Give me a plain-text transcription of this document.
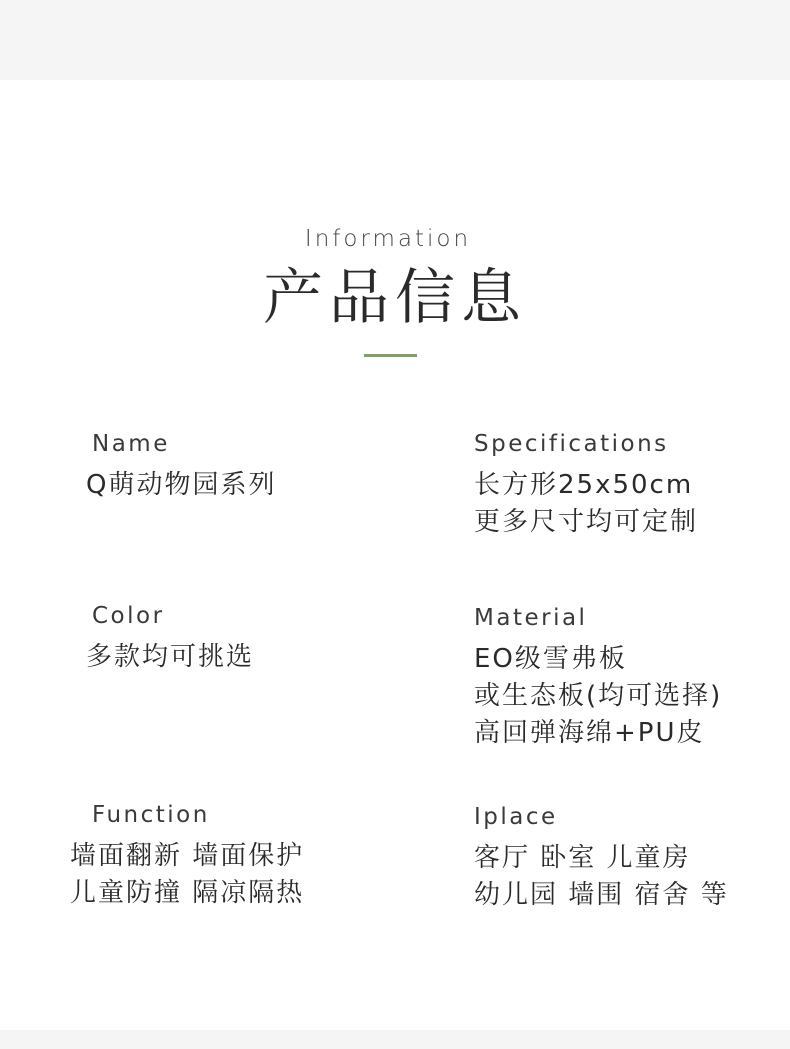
Information
产品信息
Name
Q萌动物园系列
Specifications
长方形25x50cm
更多尺寸均可定制
Color
多款均可挑选
Material
EO级雪弗板
或生态板(均可选择)
高回弹海绵+PU皮
Function
墙面翻新 墙面保护
儿童防撞 隔凉隔热
Iplace
客厅 卧室 儿童房
幼儿园 墙围 宿舍 等
